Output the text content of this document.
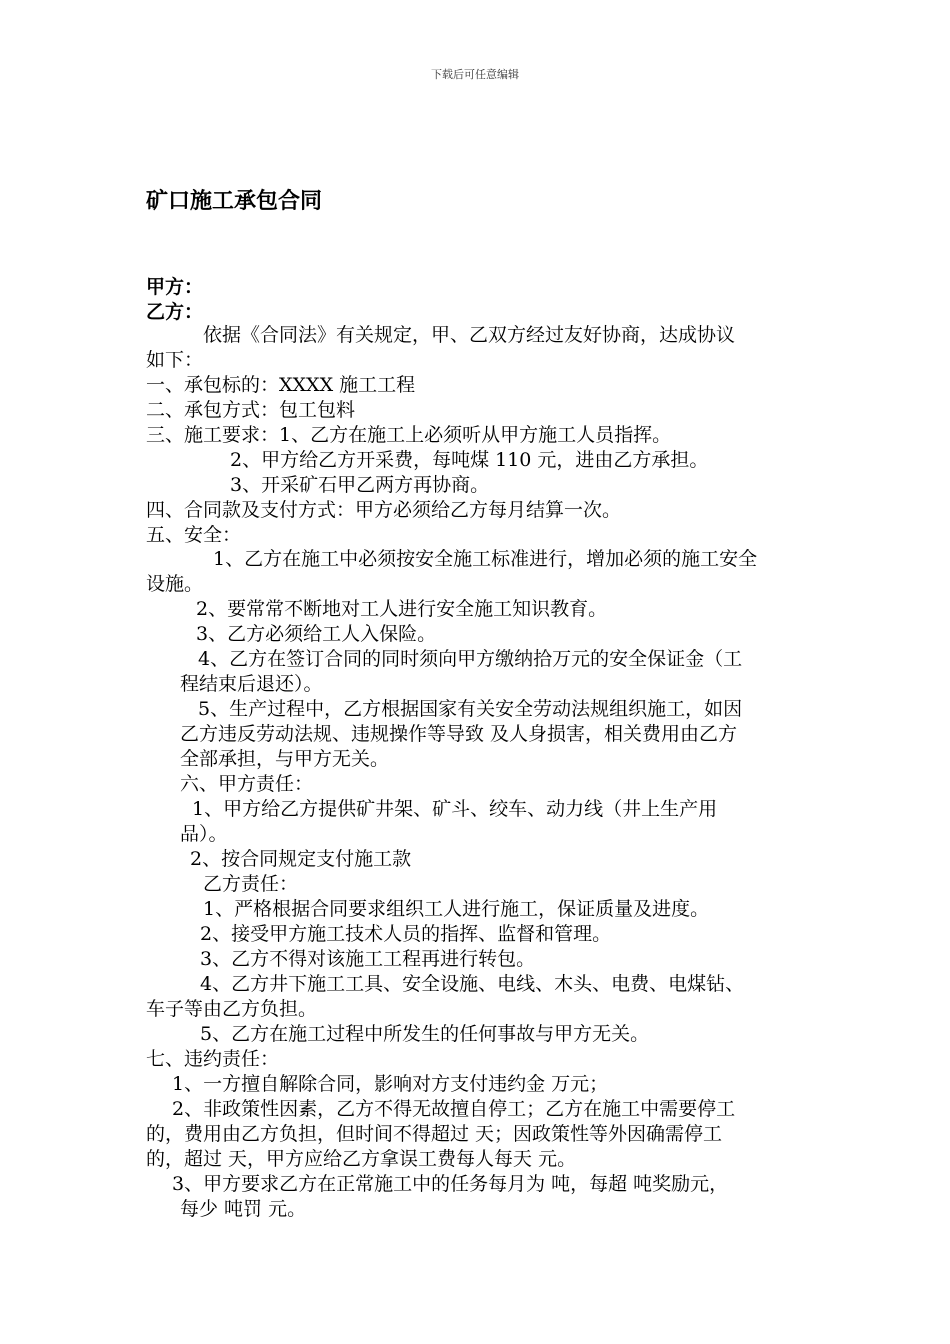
下载后可任意编辑
矿口施工承包合同
甲方：
乙方：
依据《合同法》有关规定，甲、乙双方经过友好协商，达成协议
如下：
一、承包标的：XXXX 施工工程
二、承包方式：包工包料
三、施工要求：1、乙方在施工上必须听从甲方施工人员指挥。
2、甲方给乙方开采费，每吨煤 110 元，进由乙方承担。
3、开采矿石甲乙两方再协商。
四、合同款及支付方式：甲方必须给乙方每月结算一次。
五、安全：
1、乙方在施工中必须按安全施工标准进行，增加必须的施工安全
设施。
2、要常常不断地对工人进行安全施工知识教育。
3、乙方必须给工人入保险。
4、乙方在签订合同的同时须向甲方缴纳拾万元的安全保证金（工
程结束后退还）。
5、生产过程中，乙方根据国家有关安全劳动法规组织施工，如因
乙方违反劳动法规、违规操作等导致 及人身损害，相关费用由乙方
全部承担，与甲方无关。
六、甲方责任：
1、甲方给乙方提供矿井架、矿斗、绞车、动力线（井上生产用
品）。
2、按合同规定支付施工款
乙方责任：
1、严格根据合同要求组织工人进行施工，保证质量及进度。
2、接受甲方施工技术人员的指挥、监督和管理。
3、乙方不得对该施工工程再进行转包。
4、乙方井下施工工具、安全设施、电线、木头、电费、电煤钻、
车子等由乙方负担。
5、乙方在施工过程中所发生的任何事故与甲方无关。
七、违约责任：
1、一方擅自解除合同，影响对方支付违约金 万元；
2、非政策性因素，乙方不得无故擅自停工；乙方在施工中需要停工
的，费用由乙方负担，但时间不得超过 天；因政策性等外因确需停工
的，超过 天，甲方应给乙方拿误工费每人每天 元。
3、甲方要求乙方在正常施工中的任务每月为 吨，每超 吨奖励元，
每少 吨罚 元。
